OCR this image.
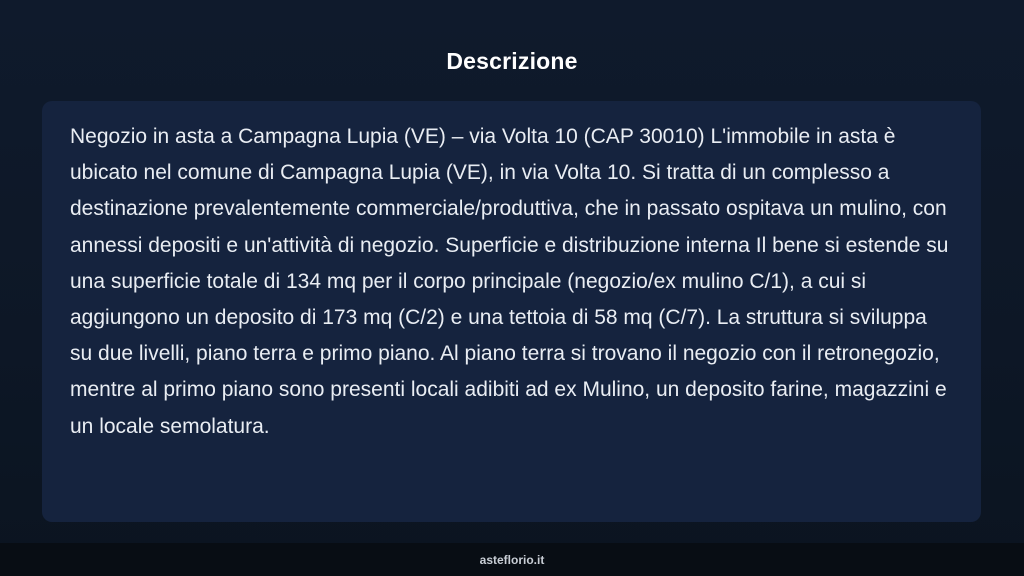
Descrizione

Negozio in asta a Campagna Lupia (VE) – via Volta 10 (CAP 30010) L'immobile in asta è ubicato nel comune di Campagna Lupia (VE), in via Volta 10. Si tratta di un complesso a destinazione prevalentemente commerciale/produttiva, che in passato ospitava un mulino, con annessi depositi e un'attività di negozio. Superficie e distribuzione interna Il bene si estende su una superficie totale di 134 mq per il corpo principale (negozio/ex mulino C/1), a cui si aggiungono un deposito di 173 mq (C/2) e una tettoia di 58 mq (C/7). La struttura si sviluppa su due livelli, piano terra e primo piano. Al piano terra si trovano il negozio con il retronegozio, mentre al primo piano sono presenti locali adibiti ad ex Mulino, un deposito farine, magazzini e un locale semolatura.

asteflorio.it
